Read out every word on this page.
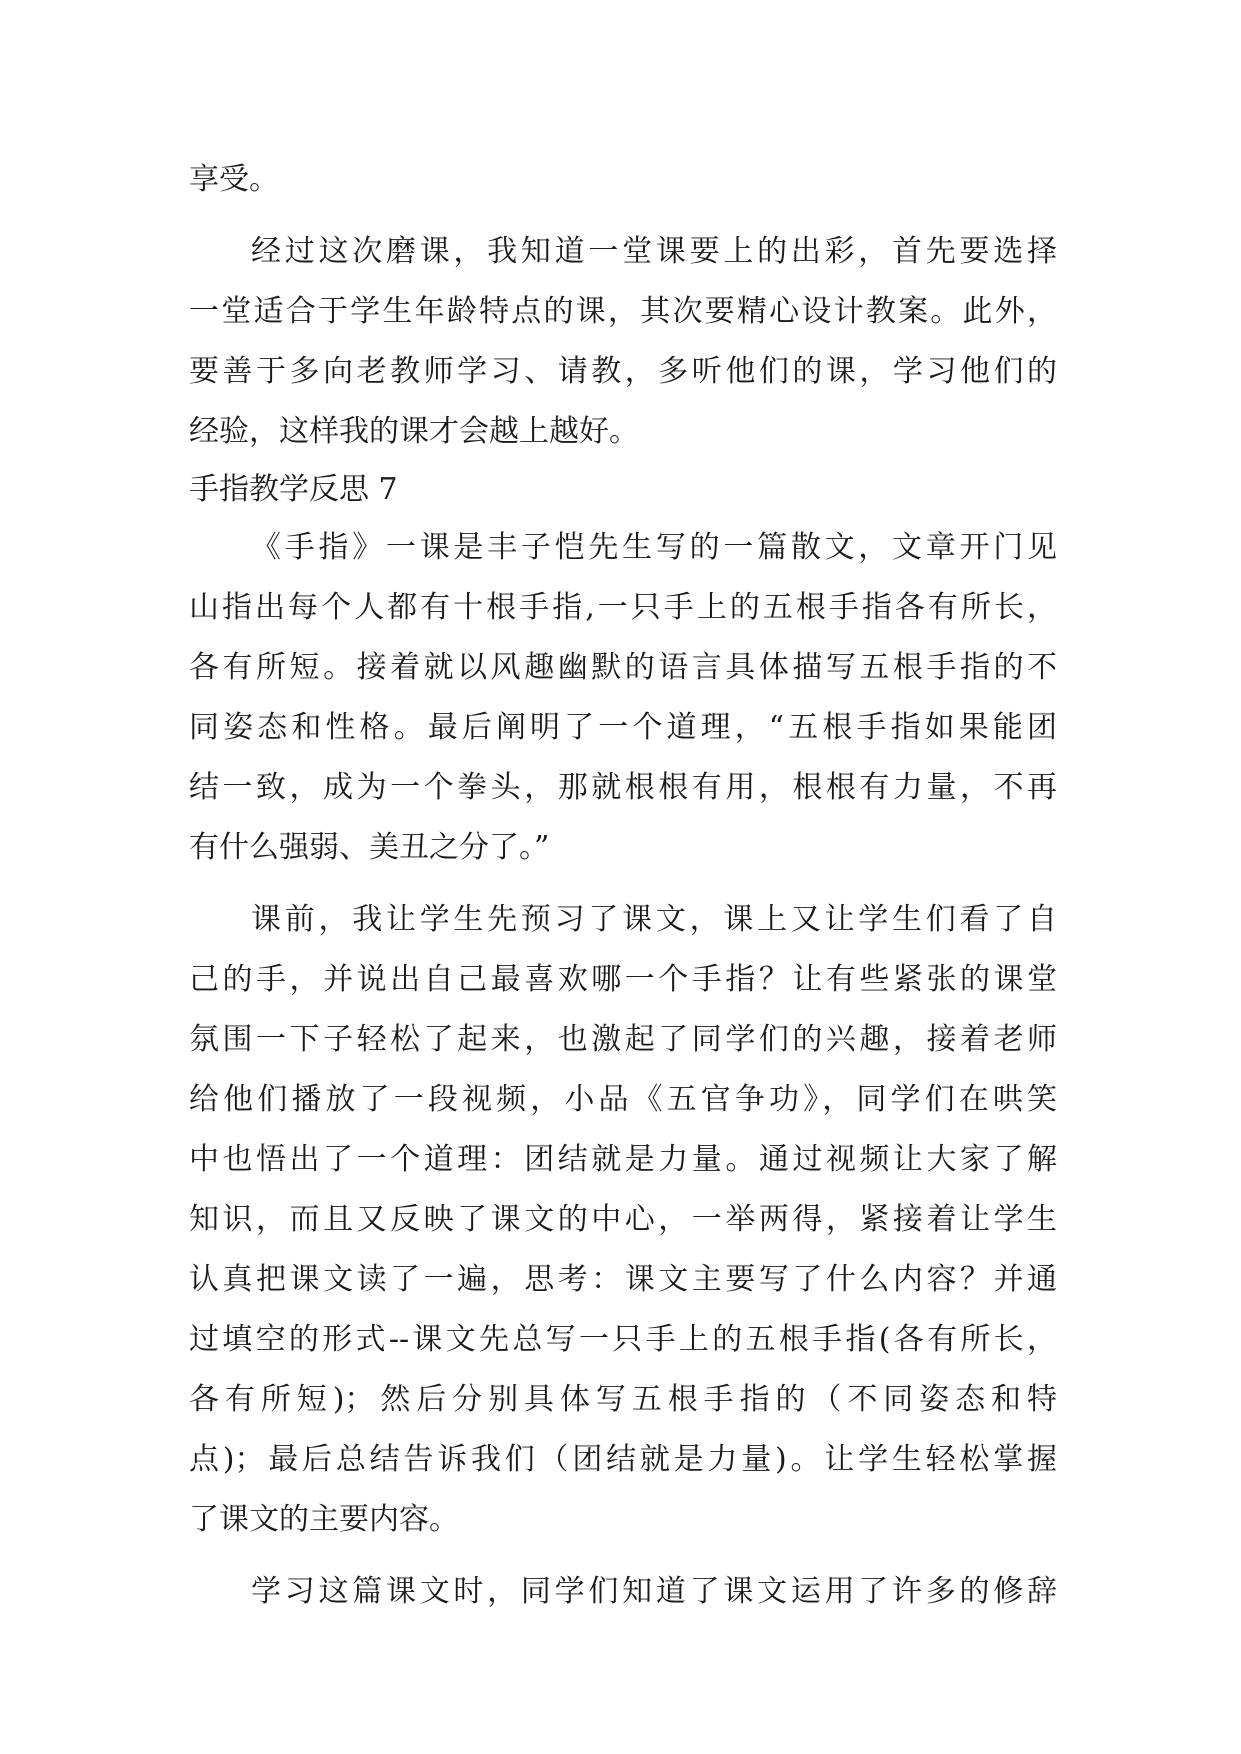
享受。
经过这次磨课，我知道一堂课要上的出彩，首先要选择
一堂适合于学生年龄特点的课，其次要精心设计教案。此外，
要善于多向老教师学习、请教，多听他们的课，学习他们的
经验，这样我的课才会越上越好。
手指教学反思 7
《手指》一课是丰子恺先生写的一篇散文，文章开门见
山指出每个人都有十根手指,一只手上的五根手指各有所长，
各有所短。接着就以风趣幽默的语言具体描写五根手指的不
同姿态和性格。最后阐明了一个道理，“五根手指如果能团
结一致，成为一个拳头，那就根根有用，根根有力量，不再
有什么强弱、美丑之分了。”
课前，我让学生先预习了课文，课上又让学生们看了自
己的手，并说出自己最喜欢哪一个手指？让有些紧张的课堂
氛围一下子轻松了起来，也激起了同学们的兴趣，接着老师
给他们播放了一段视频，小品《五官争功》，同学们在哄笑
中也悟出了一个道理：团结就是力量。通过视频让大家了解
知识，而且又反映了课文的中心，一举两得，紧接着让学生
认真把课文读了一遍，思考：课文主要写了什么内容？并通
过填空的形式--课文先总写一只手上的五根手指(各有所长，
各有所短)；然后分别具体写五根手指的（不同姿态和特
点)；最后总结告诉我们（团结就是力量)。让学生轻松掌握
了课文的主要内容。
学习这篇课文时，同学们知道了课文运用了许多的修辞
